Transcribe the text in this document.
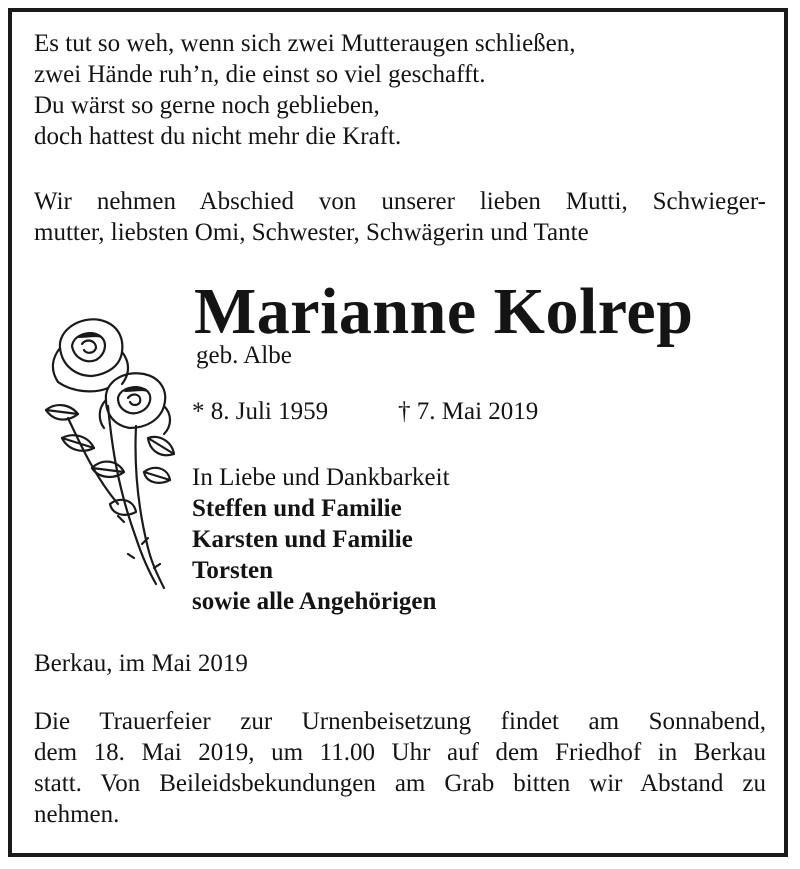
Es tut so weh, wenn sich zwei Mutteraugen schließen,
zwei Hände ruh’n, die einst so viel geschafft.
Du wärst so gerne noch geblieben,
doch hattest du nicht mehr die Kraft.
Wir nehmen Abschied von unserer lieben Mutti, Schwieger-
mutter, liebsten Omi, Schwester, Schwägerin und Tante
Marianne Kolrep
geb. Albe
* 8. Juli 1959	† 7. Mai 2019
In Liebe und Dankbarkeit
Steffen und Familie
Karsten und Familie
Torsten
sowie alle Angehörigen
Berkau, im Mai 2019
Die Trauerfeier zur Urnenbeisetzung findet am Sonnabend,
dem 18. Mai 2019, um 11.00 Uhr auf dem Friedhof in Berkau
statt. Von Beileidsbekundungen am Grab bitten wir Abstand zu
nehmen.
